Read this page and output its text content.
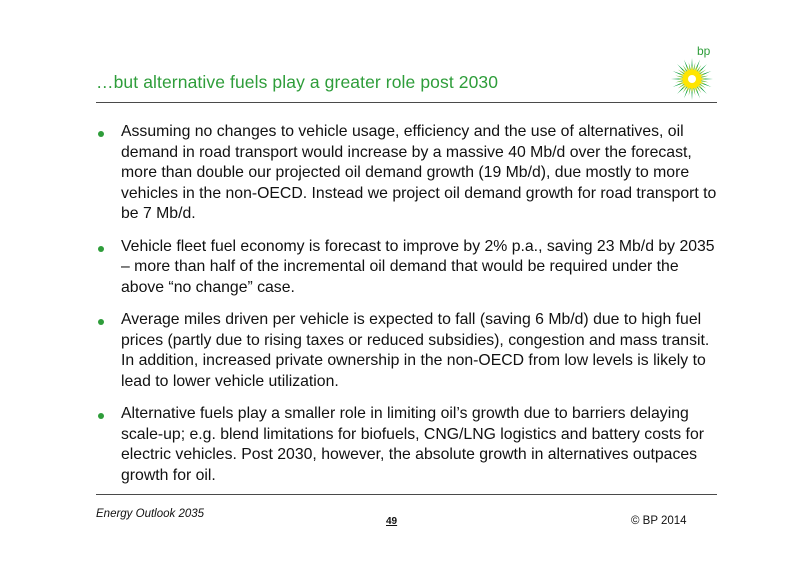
…but alternative fuels play a greater role post 2030
bp
Assuming no changes to vehicle usage, efficiency and the use of alternatives, oil demand in road transport would increase by a massive 40 Mb/d over the forecast, more than double our projected oil demand growth (19 Mb/d), due mostly to more vehicles in the non-OECD. Instead we project oil demand growth for road transport to be 7 Mb/d.
Vehicle fleet fuel economy is forecast to improve by 2% p.a., saving 23 Mb/d by 2035 – more than half of the incremental oil demand that would be required under the above “no change” case.
Average miles driven per vehicle is expected to fall (saving 6 Mb/d) due to high fuel prices (partly due to rising taxes or reduced subsidies), congestion and mass transit. In addition, increased private ownership in the non-OECD from low levels is likely to lead to lower vehicle utilization.
Alternative fuels play a smaller role in limiting oil’s growth due to barriers delaying scale-up; e.g. blend limitations for biofuels, CNG/LNG logistics and battery costs for electric vehicles. Post 2030, however, the absolute growth in alternatives outpaces growth for oil.
Energy Outlook 2035
49	© BP 2014
